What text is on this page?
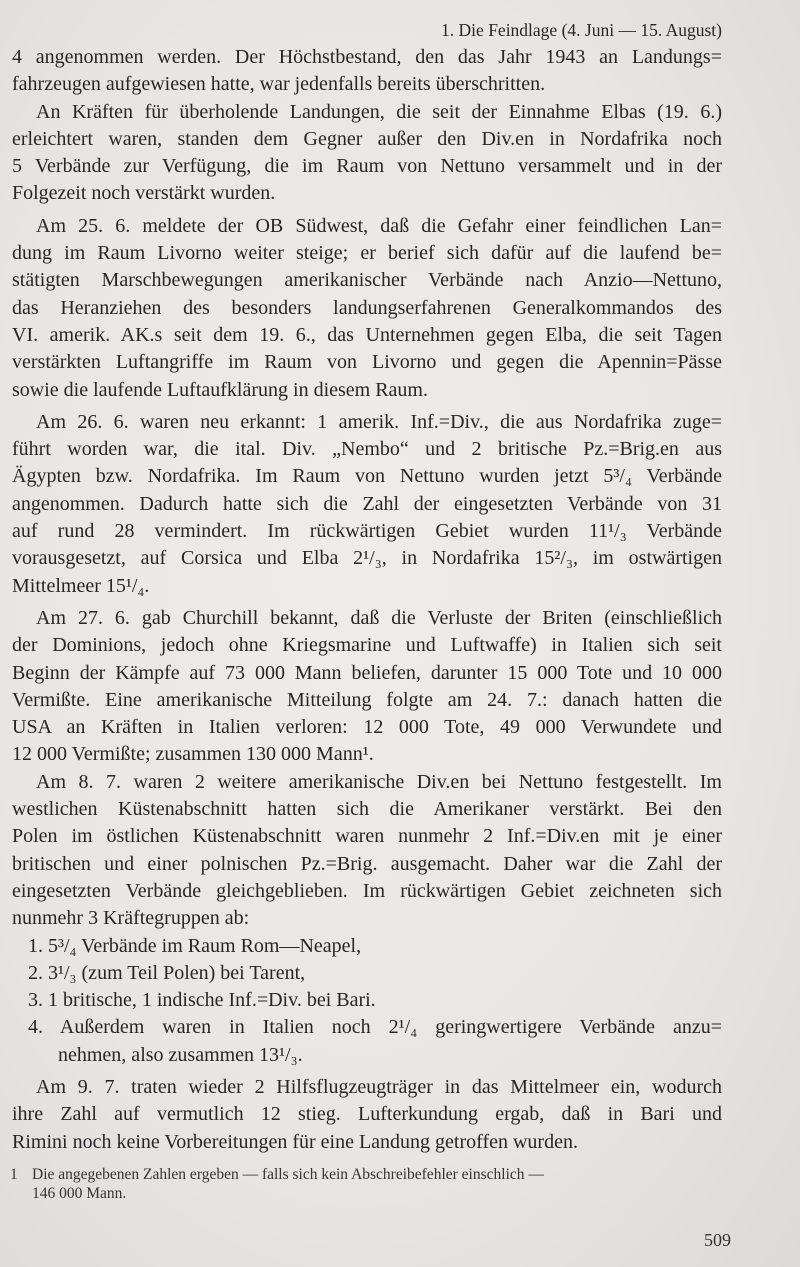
1. Die Feindlage (4. Juni — 15. August)
4 angenommen werden. Der Höchstbestand, den das Jahr 1943 an Landungs=
fahrzeugen aufgewiesen hatte, war jedenfalls bereits überschritten.
An Kräften für überholende Landungen, die seit der Einnahme Elbas (19. 6.)
erleichtert waren, standen dem Gegner außer den Div.en in Nordafrika noch
5 Verbände zur Verfügung, die im Raum von Nettuno versammelt und in der
Folgezeit noch verstärkt wurden.
Am 25. 6. meldete der OB Südwest, daß die Gefahr einer feindlichen Lan=
dung im Raum Livorno weiter steige; er berief sich dafür auf die laufend be=
stätigten Marschbewegungen amerikanischer Verbände nach Anzio—Nettuno,
das Heranziehen des besonders landungserfahrenen Generalkommandos des
VI. amerik. AK.s seit dem 19. 6., das Unternehmen gegen Elba, die seit Tagen
verstärkten Luftangriffe im Raum von Livorno und gegen die Apennin=Pässe
sowie die laufende Luftaufklärung in diesem Raum.
Am 26. 6. waren neu erkannt: 1 amerik. Inf.=Div., die aus Nordafrika zuge=
führt worden war, die ital. Div. „Nembo“ und 2 britische Pz.=Brig.en aus
Ägypten bzw. Nordafrika. Im Raum von Nettuno wurden jetzt 5³/₄ Verbände
angenommen. Dadurch hatte sich die Zahl der eingesetzten Verbände von 31
auf rund 28 vermindert. Im rückwärtigen Gebiet wurden 11¹/₃ Verbände
vorausgesetzt, auf Corsica und Elba 2¹/₃, in Nordafrika 15²/₃, im ostwärtigen
Mittelmeer 15¹/₄.
Am 27. 6. gab Churchill bekannt, daß die Verluste der Briten (einschließlich
der Dominions, jedoch ohne Kriegsmarine und Luftwaffe) in Italien sich seit
Beginn der Kämpfe auf 73 000 Mann beliefen, darunter 15 000 Tote und 10 000
Vermißte. Eine amerikanische Mitteilung folgte am 24. 7.: danach hatten die
USA an Kräften in Italien verloren: 12 000 Tote, 49 000 Verwundete und
12 000 Vermißte; zusammen 130 000 Mann¹.
Am 8. 7. waren 2 weitere amerikanische Div.en bei Nettuno festgestellt. Im
westlichen Küstenabschnitt hatten sich die Amerikaner verstärkt. Bei den
Polen im östlichen Küstenabschnitt waren nunmehr 2 Inf.=Div.en mit je einer
britischen und einer polnischen Pz.=Brig. ausgemacht. Daher war die Zahl der
eingesetzten Verbände gleichgeblieben. Im rückwärtigen Gebiet zeichneten sich
nunmehr 3 Kräftegruppen ab:
1. 5³/₄ Verbände im Raum Rom—Neapel,
2. 3¹/₃ (zum Teil Polen) bei Tarent,
3. 1 britische, 1 indische Inf.=Div. bei Bari.
4. Außerdem waren in Italien noch 2¹/₄ geringwertigere Verbände anzu=
nehmen, also zusammen 13¹/₃.
Am 9. 7. traten wieder 2 Hilfsflugzeugträger in das Mittelmeer ein, wodurch
ihre Zahl auf vermutlich 12 stieg. Lufterkundung ergab, daß in Bari und
Rimini noch keine Vorbereitungen für eine Landung getroffen wurden.
1 Die angegebenen Zahlen ergeben — falls sich kein Abschreibefehler einschlich —
146 000 Mann.
509
